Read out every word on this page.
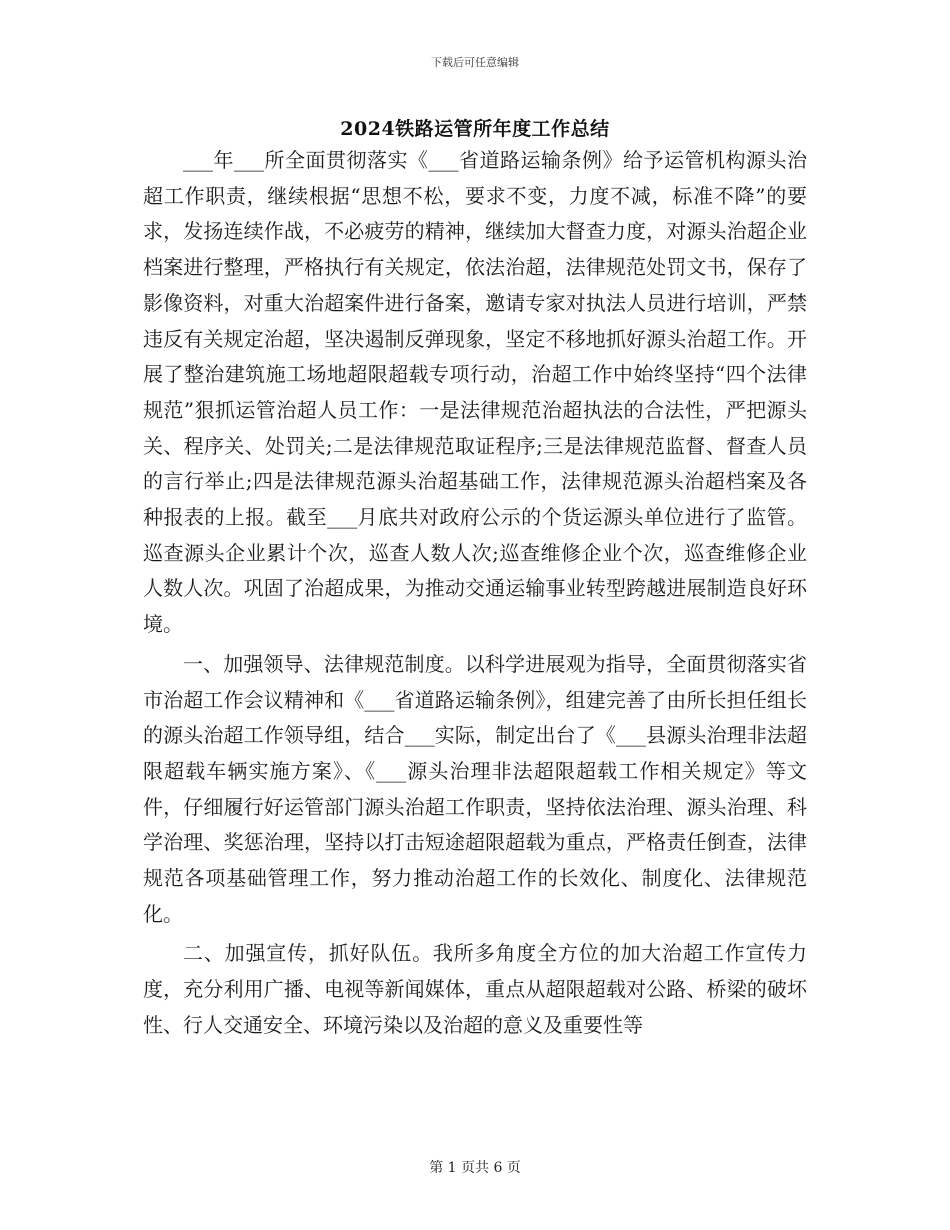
下载后可任意编辑
2024铁路运管所年度工作总结

___年___所全面贯彻落实《___省道路运输条例》给予运管机构源头治超工作职责，继续根据“思想不松，要求不变，力度不减，标准不降”的要求，发扬连续作战，不必疲劳的精神，继续加大督查力度，对源头治超企业档案进行整理，严格执行有关规定，依法治超，法律规范处罚文书，保存了影像资料，对重大治超案件进行备案，邀请专家对执法人员进行培训，严禁违反有关规定治超，坚决遏制反弹现象，坚定不移地抓好源头治超工作。开展了整治建筑施工场地超限超载专项行动，治超工作中始终坚持“四个法律规范”狠抓运管治超人员工作：一是法律规范治超执法的合法性，严把源头关、程序关、处罚关;二是法律规范取证程序;三是法律规范监督、督查人员的言行举止;四是法律规范源头治超基础工作，法律规范源头治超档案及各种报表的上报。截至___月底共对政府公示的个货运源头单位进行了监管。巡查源头企业累计个次，巡查人数人次;巡查维修企业个次，巡查维修企业人数人次。巩固了治超成果，为推动交通运输事业转型跨越进展制造良好环境。

一、加强领导、法律规范制度。以科学进展观为指导，全面贯彻落实省市治超工作会议精神和《___省道路运输条例》，组建完善了由所长担任组长的源头治超工作领导组，结合___实际，制定出台了《___县源头治理非法超限超载车辆实施方案》、《___源头治理非法超限超载工作相关规定》等文件，仔细履行好运管部门源头治超工作职责，坚持依法治理、源头治理、科学治理、奖惩治理，坚持以打击短途超限超载为重点，严格责任倒查，法律规范各项基础管理工作，努力推动治超工作的长效化、制度化、法律规范化。

二、加强宣传，抓好队伍。我所多角度全方位的加大治超工作宣传力度，充分利用广播、电视等新闻媒体，重点从超限超载对公路、桥梁的破坏性、行人交通安全、环境污染以及治超的意义及重要性等

第 1 页共 6 页
